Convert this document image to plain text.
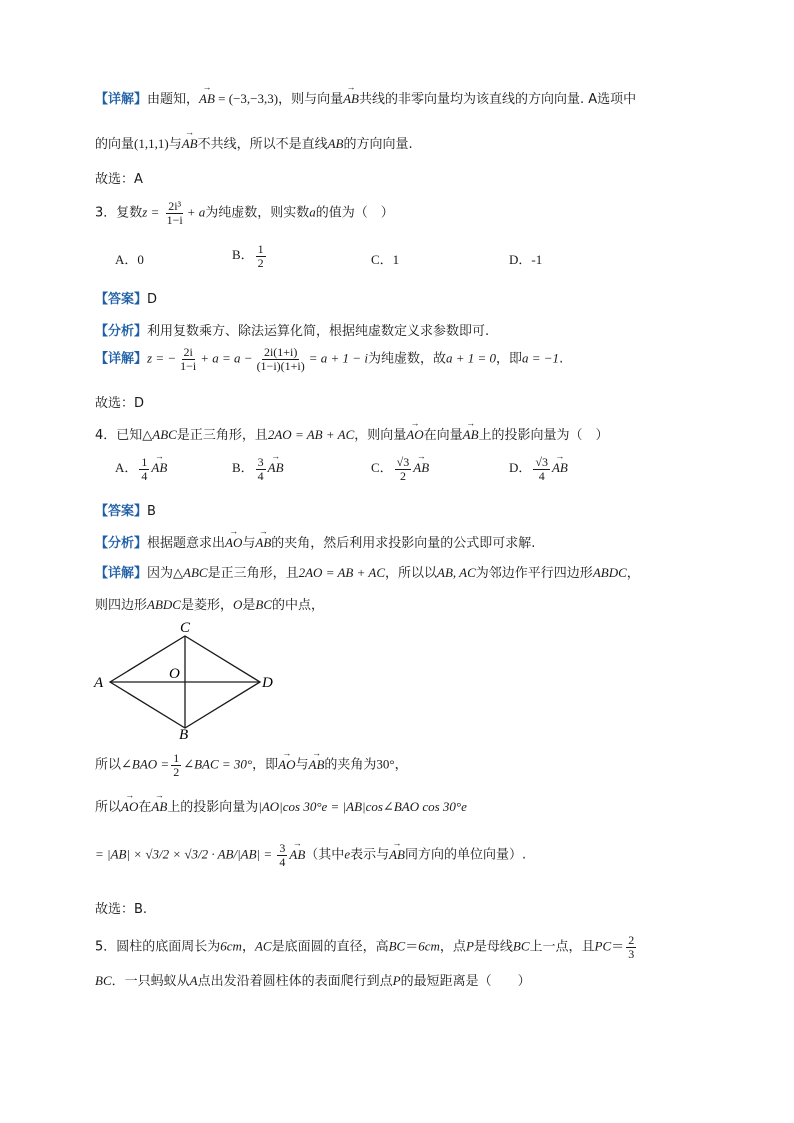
【详解】由题知，→ AB = (−3,−3,3)，则与向量→ AB共线的非零向量均为该直线的方向向量. A选项中
的向量(1,1,1)与→ AB不共线，所以不是直线AB的方向向量.
故选：A
3．复数$z = \frac{\text{2i³}}{1-i} + a$为纯虚数，则实数a的值为（　）
A．0	B． $\frac{1}{2}$	C．1	D．-1
【答案】D
【分析】利用复数乘方、除法运算化简，根据纯虚数定义求参数即可.
【详解】z = − $\frac{2i}{1-i} + a = a - \frac{2i(1+i)}{(1-i)(1+i)} = a + 1 - i$为纯虚数，故a + 1 = 0，即a = −1.
故选：D
4．已知△ABC是正三角形，且2AO = AB + AC，则向量→ AO在向量→ AB上的投影向量为（　）
A． $\frac{1}{4}$
→ AB	B． $\frac{3}{4}$
→ AB	C． $\frac{√3}{2}$
→ AB	D． $\frac{√3}{4}$
→ AB
【答案】B
【分析】根据题意求出→ AO与→ AB的夹角，然后利用求投影向量的公式即可求解.
【详解】因为△ABC是正三角形，且2AO = AB + AC，所以以AB, AC为邻边作平行四边形ABDC，
则四边形ABDC是菱形，O是BC的中点，
A
C
D
B
O
所以∠BAO = $\frac{1}{2}$ ∠BAC = 30°，即→ AO与→ AB的夹角为30°，
所以→ AO在→ AB上的投影向量为|AO|cos 30°e = |AB|cos∠BAO cos 30°e
= $|AB| \times √3/2 \times √3/2 \cdot AB/|AB| = \frac{3}{4}$
→ AB（其中e表示与→ AB同方向的单位向量）.
故选：B.
5．圆柱的底面周长为6cm，AC是底面圆的直径，高BC＝6cm，点P是母线BC上一点，且$PC= \frac{2}{3}$
BC．一只蚂蚁从A点出发沿着圆柱体的表面爬行到点P的最短距离是（　　）
